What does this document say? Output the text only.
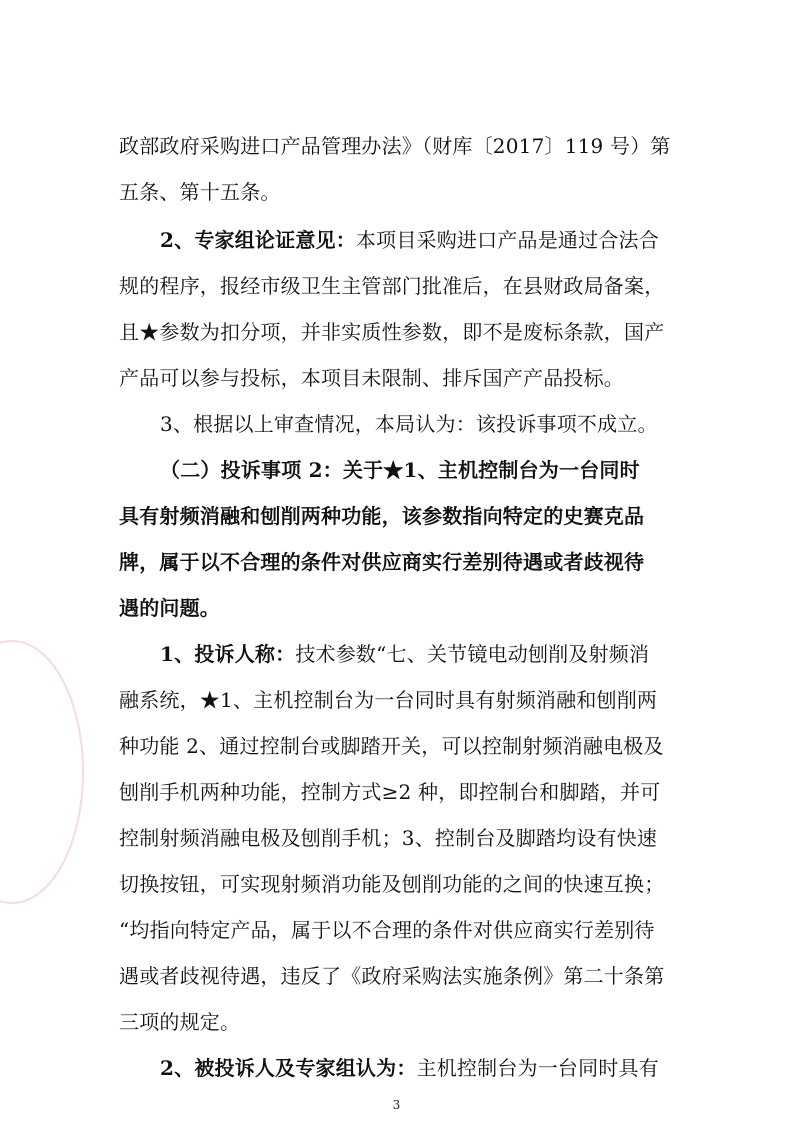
政部政府采购进口产品管理办法》（财库〔2017〕119 号）第
五条、第十五条。
2、专家组论证意见：本项目采购进口产品是通过合法合
规的程序，报经市级卫生主管部门批准后，在县财政局备案，
且★参数为扣分项，并非实质性参数，即不是废标条款，国产
产品可以参与投标，本项目未限制、排斥国产产品投标。
3、根据以上审查情况，本局认为：该投诉事项不成立。
（二）投诉事项 2：关于★1、主机控制台为一台同时
具有射频消融和刨削两种功能，该参数指向特定的史赛克品
牌，属于以不合理的条件对供应商实行差别待遇或者歧视待
遇的问题。
1、投诉人称：技术参数“七、关节镜电动刨削及射频消
融系统，★1、主机控制台为一台同时具有射频消融和刨削两
种功能 2、通过控制台或脚踏开关，可以控制射频消融电极及
刨削手机两种功能，控制方式≥2 种，即控制台和脚踏，并可
控制射频消融电极及刨削手机；3、控制台及脚踏均设有快速
切换按钮，可实现射频消功能及刨削功能的之间的快速互换；
“均指向特定产品，属于以不合理的条件对供应商实行差别待
遇或者歧视待遇，违反了《政府采购法实施条例》第二十条第
三项的规定。
2、被投诉人及专家组认为：主机控制台为一台同时具有
3
